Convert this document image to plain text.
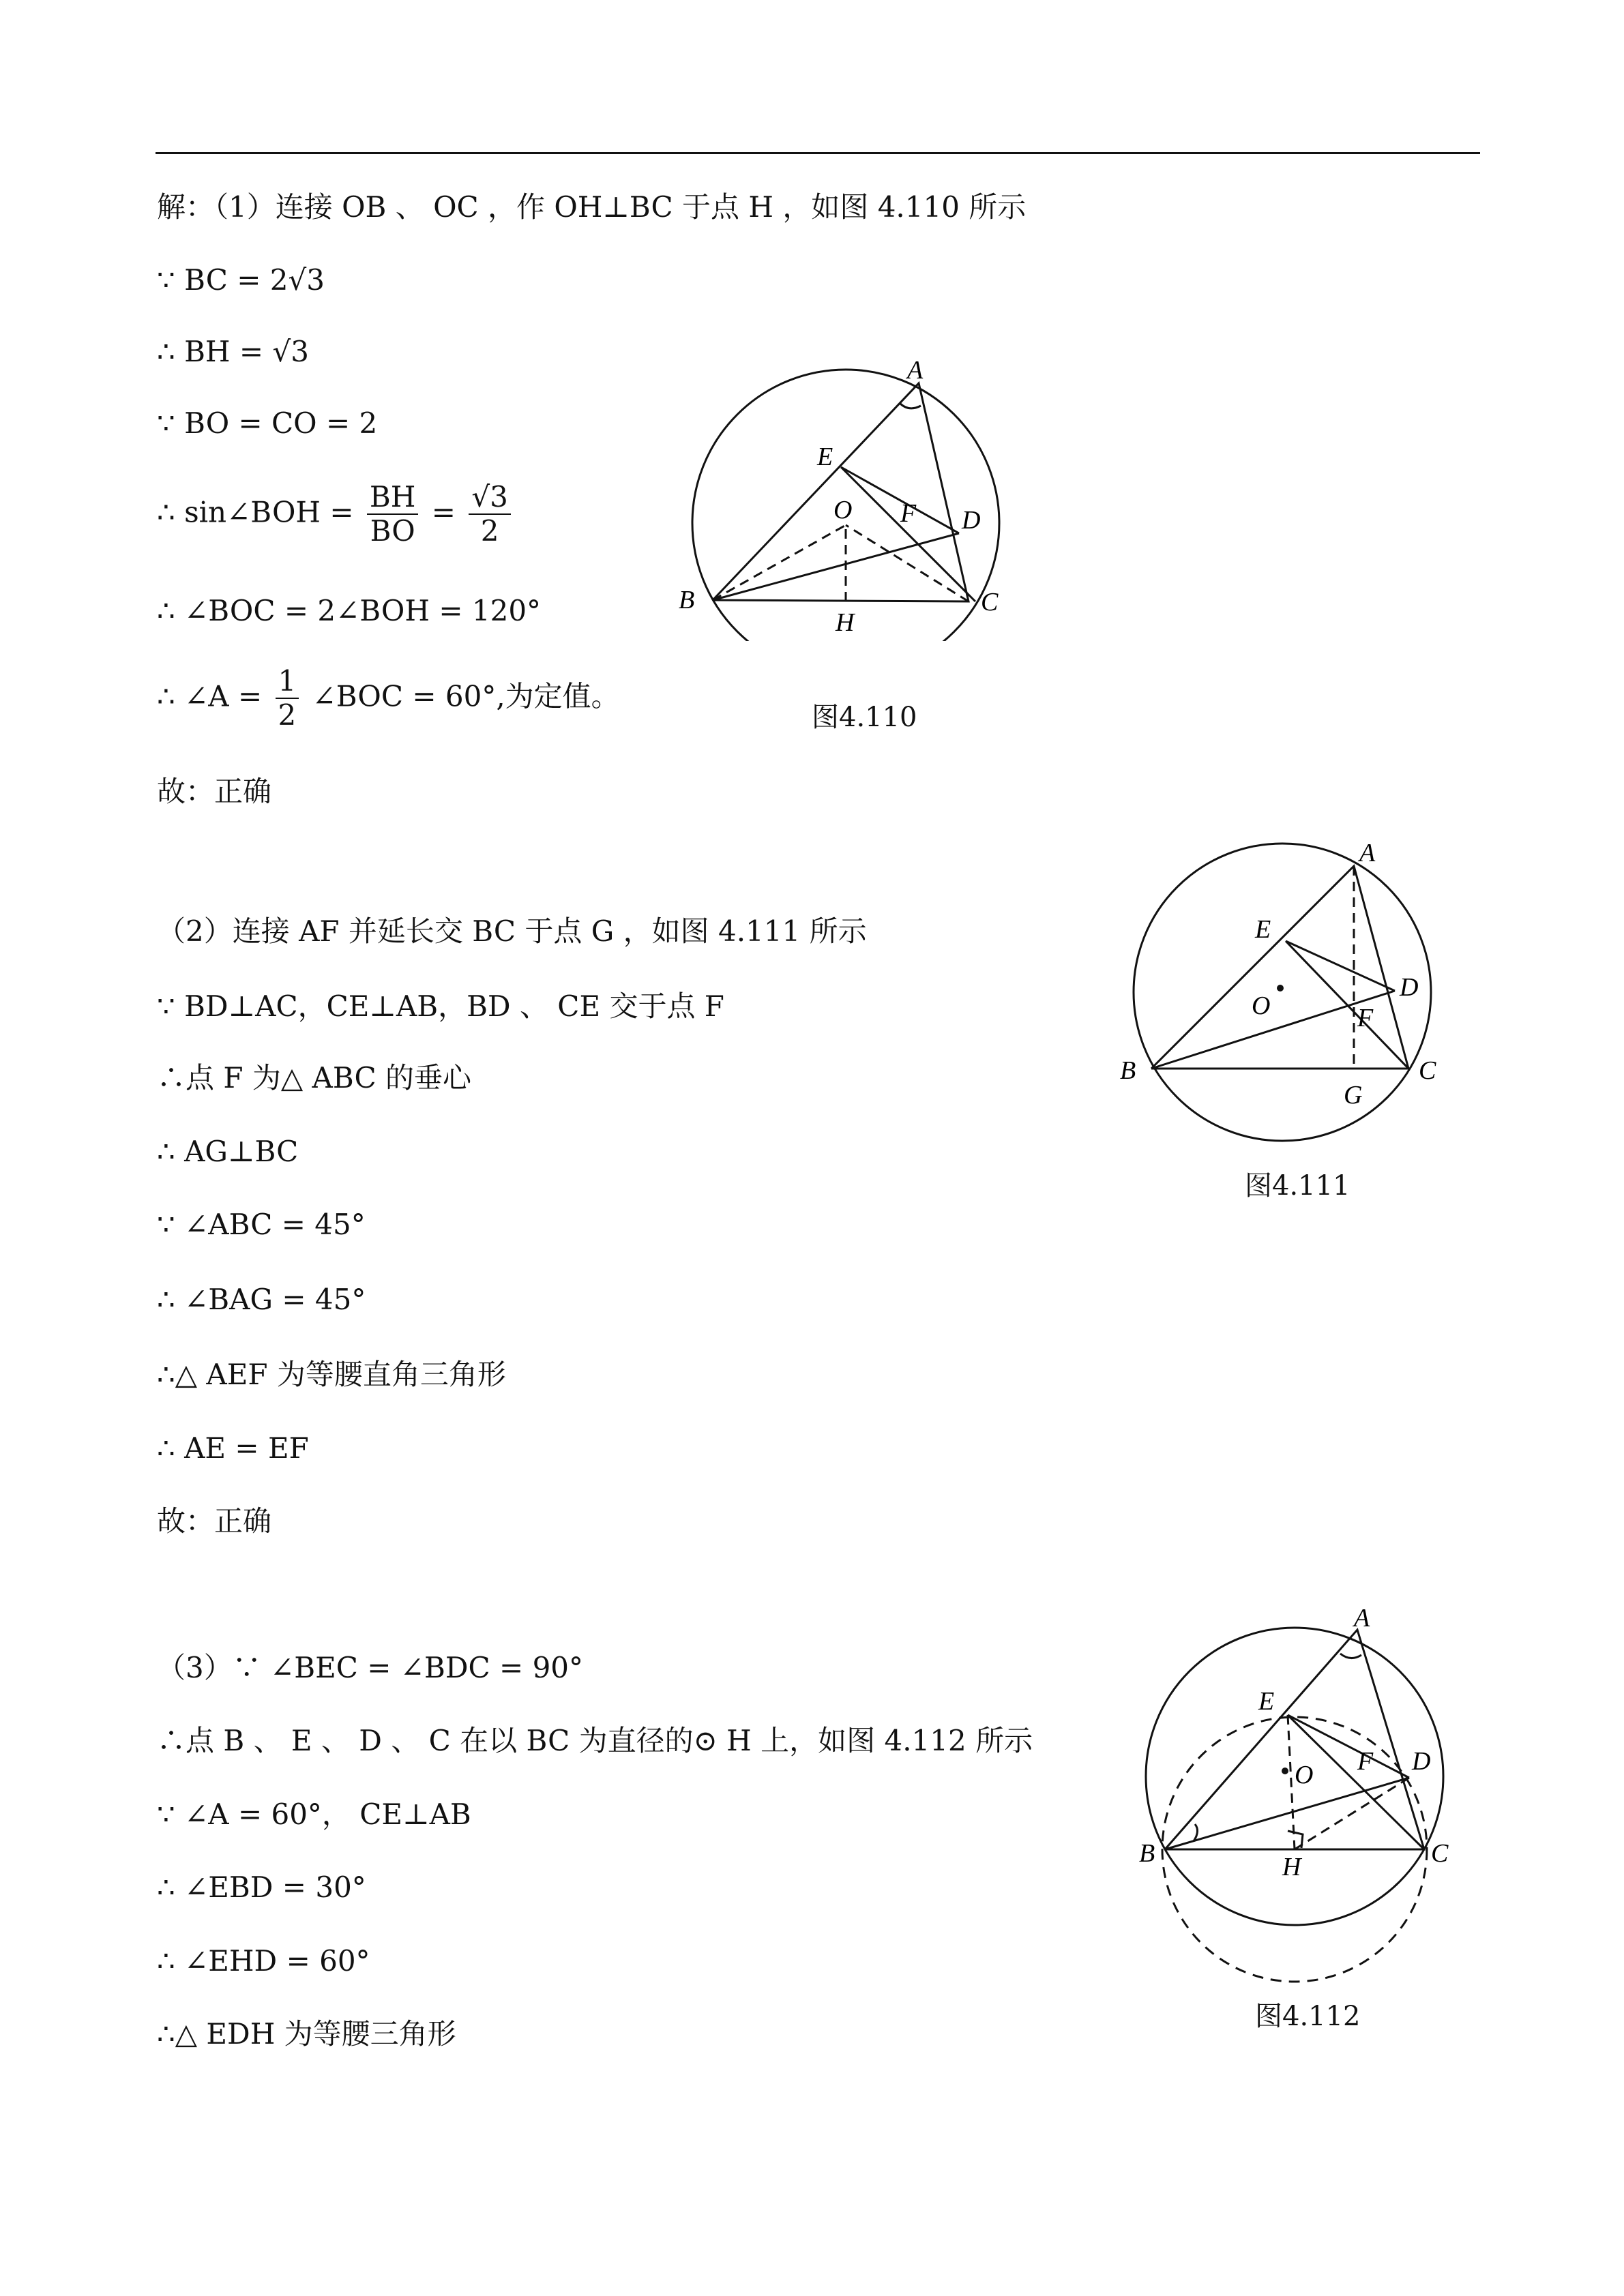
解：（1）连接 OB 、 OC ，作 OH⊥BC 于点 H ，如图 4.110 所示
∵ BC = 2√3
∴ BH = √3
∵ BO = CO = 2
∴ sin∠BOH = $\frac{BH}{BO} = \frac{√3}{2}$
∴ ∠BOC = 2∠BOH = 120°
∴ ∠A = $\frac{1}{2}$ ∠BOC = 60°,为定值。
故：正确
A
E
O F D
B
H
C
图4.110
（2）连接 AF 并延长交 BC 于点 G ，如图 4.111 所示
∵ BD⊥AC，CE⊥AB，BD 、 CE 交于点 F
∴点 F 为△ ABC 的垂心
∴ AG⊥BC
∵ ∠ABC = 45°
∴ ∠BAG = 45°
∴△ AEF 为等腰直角三角形
∴ AE = EF
故：正确
A
E
O
D
F
B
G
C
图4.111
（3）∵ ∠BEC = ∠BDC = 90°
∴点 B 、 E 、 D 、 C 在以 BC 为直径的⊙ H 上，如图 4.112 所示
∵ ∠A = 60°， CE⊥AB
∴ ∠EBD = 30°
∴ ∠EHD = 60°
∴△ EDH 为等腰三角形
A
E
O F D
B	H	C
图4.112
